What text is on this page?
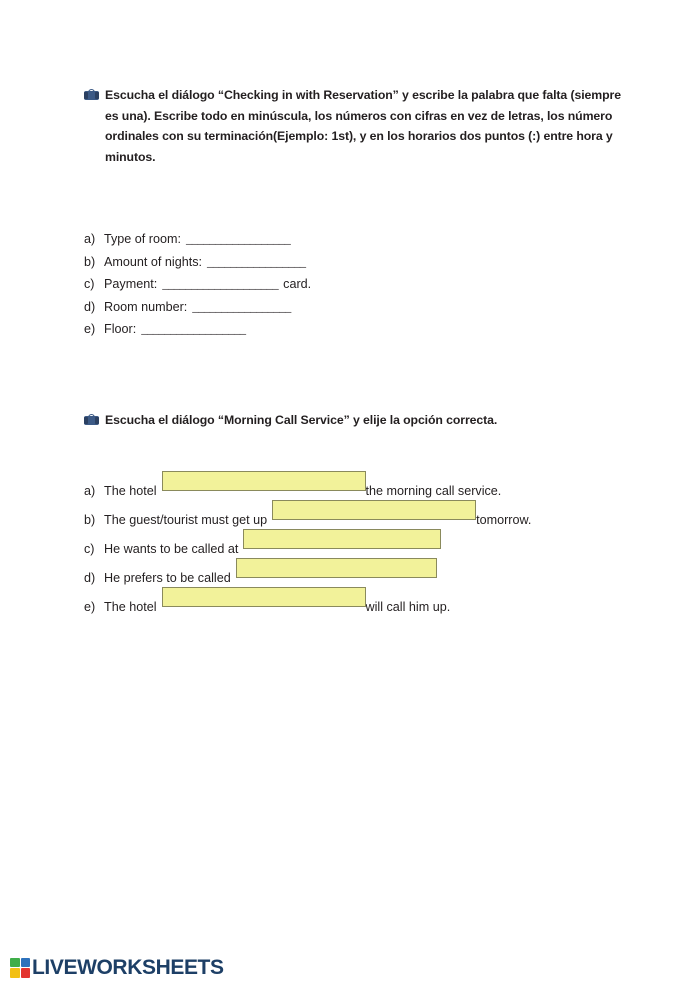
Escucha el diálogo “Checking in with Reservation” y escribe la palabra que falta (siempre es una). Escribe todo en minúscula, los números con cifras en vez de letras, los número ordinales con su terminación(Ejemplo: 1st), y en los horarios dos puntos (:) entre hora y minutos.
a) Type of room: __________________
b) Amount of nights: _________________
c) Payment: ____________________ card.
d) Room number: _________________
e) Floor: __________________
Escucha el diálogo “Morning Call Service” y elije la opción correcta.
a) The hotel	the morning call service.
b) The guest/tourist must get up	tomorrow.
c) He wants to be called at
d) He prefers to be called
e) The hotel	will call him up.
LIVEWORKSHEETS
